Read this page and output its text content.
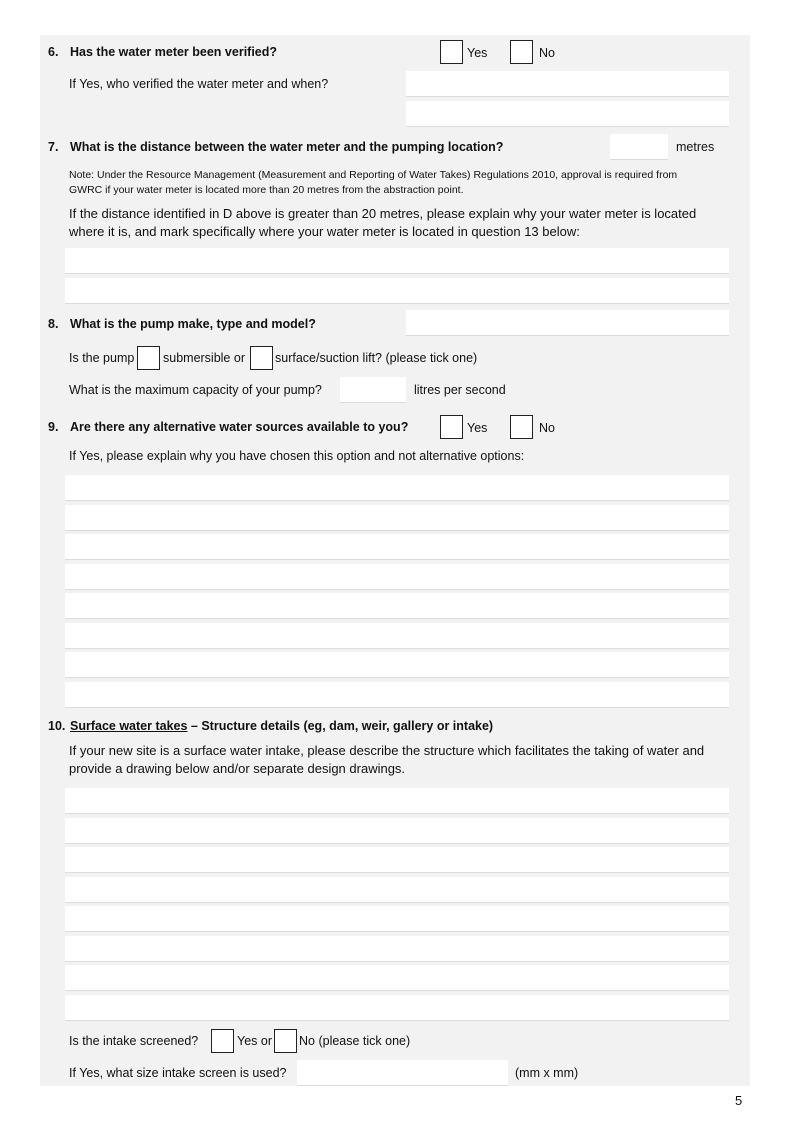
6. Has the water meter been verified?	Yes	No
If Yes, who verified the water meter and when?
7. What is the distance between the water meter and the pumping location?	metres
Note: Under the Resource Management (Measurement and Reporting of Water Takes) Regulations 2010, approval is required from
GWRC if your water meter is located more than 20 metres from the abstraction point.
If the distance identified in D above is greater than 20 metres, please explain why your water meter is located
where it is, and mark specifically where your water meter is located in question 13 below:
8. What is the pump make, type and model?
Is the pump submersible or surface/suction lift? (please tick one)
What is the maximum capacity of your pump?	litres per second
9. Are there any alternative water sources available to you?	Yes	No
If Yes, please explain why you have chosen this option and not alternative options:
10. Surface water takes – Structure details (eg, dam, weir, gallery or intake)
If your new site is a surface water intake, please describe the structure which facilitates the taking of water and
provide a drawing below and/or separate design drawings.
Is the intake screened?	Yes or No (please tick one)
If Yes, what size intake screen is used?	(mm x mm)
5
